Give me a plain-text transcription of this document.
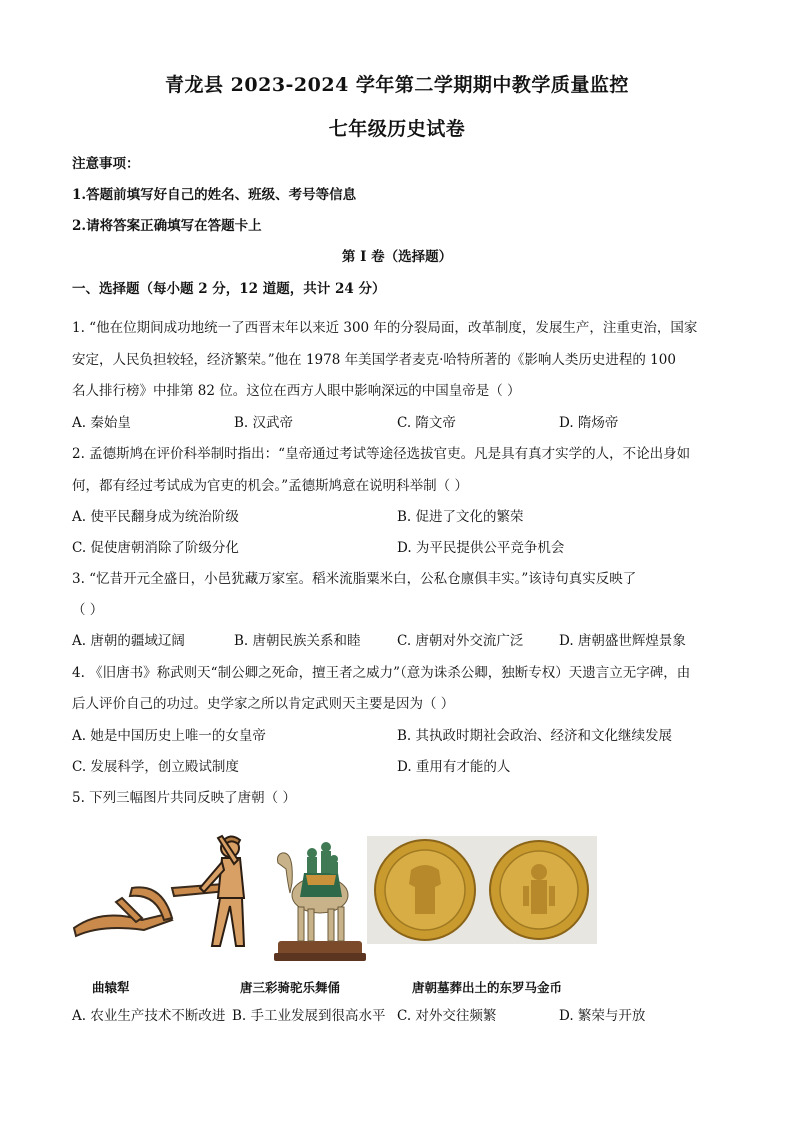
青龙县 2023-2024 学年第二学期期中教学质量监控
七年级历史试卷
注意事项：
1.答题前填写好自己的姓名、班级、考号等信息
2.请将答案正确填写在答题卡上
第 I 卷（选择题）
一、选择题（每小题 2 分，12 道题，共计 24 分）
1. “他在位期间成功地统一了西晋末年以来近 300 年的分裂局面，改革制度，发展生产，注重吏治，国家
安定，人民负担较轻，经济繁荣。”他在 1978 年美国学者麦克·哈特所著的《影响人类历史进程的 100
名人排行榜》中排第 82 位。这位在西方人眼中影响深远的中国皇帝是（ ）
A. 秦始皇	B. 汉武帝	C. 隋文帝	D. 隋炀帝
2. 孟德斯鸠在评价科举制时指出：“皇帝通过考试等途径选拔官吏。凡是具有真才实学的人，不论出身如
何，都有经过考试成为官吏的机会。”孟德斯鸠意在说明科举制（ ）
A. 使平民翻身成为统治阶级	B. 促进了文化的繁荣
C. 促使唐朝消除了阶级分化	D. 为平民提供公平竞争机会
3. “忆昔开元全盛日，小邑犹藏万家室。稻米流脂粟米白，公私仓廪俱丰实。”该诗句真实反映了
（ ）
A. 唐朝的疆域辽阔	B. 唐朝民族关系和睦	C. 唐朝对外交流广泛	D. 唐朝盛世辉煌景象
4. 《旧唐书》称武则天“制公卿之死命，擅王者之威力”（意为诛杀公卿，独断专权）天遗言立无字碑，由
后人评价自己的功过。史学家之所以肯定武则天主要是因为（ ）
A. 她是中国历史上唯一的女皇帝	B. 其执政时期社会政治、经济和文化继续发展
C. 发展科学，创立殿试制度	D. 重用有才能的人
5. 下列三幅图片共同反映了唐朝（ ）
曲辕犁	唐三彩骑驼乐舞俑	唐朝墓葬出土的东罗马金币
A. 农业生产技术不断改进 B. 手工业发展到很高水平 C. 对外交往频繁	D. 繁荣与开放
